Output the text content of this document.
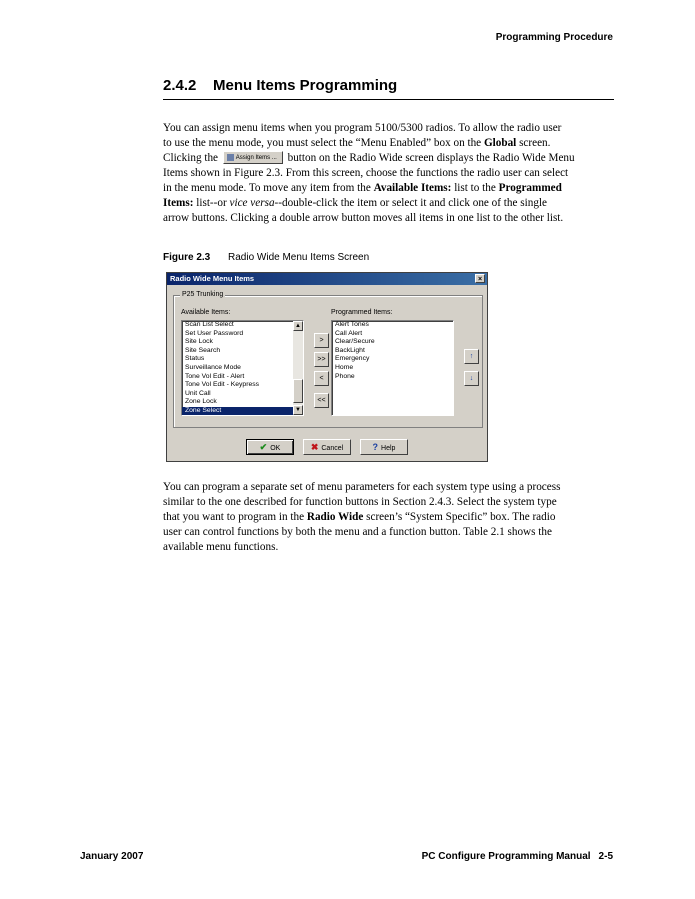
Programming Procedure
2.4.2 Menu Items Programming

You can assign menu items when you program 5100/5300 radios. To allow the radio user

to use the menu mode, you must select the “Menu Enabled” box on the Global screen.

Clicking the	Assign Items ... button on the Radio Wide screen displays the Radio Wide Menu

Items shown in Figure 2.3. From this screen, choose the functions the radio user can select

in the menu mode. To move any item from the Available Items: list to the Programmed

Items: list--or vice versa--double-click the item or select it and click one of the single

arrow buttons. Clicking a double arrow button moves all items in one list to the other list.

Figure 2.3 Radio Wide Menu Items Screen
Radio Wide Menu Items	×
P25 Trunking
Available Items:	Programmed Items:
Scan List Select
Set User Password
Site Lock
Site Search
Status
Surveillance Mode
Tone Vol Edit - Alert
Tone Vol Edit - Keypress
Unit Call
Zone Lock
Zone Select
▲
▼
>
>>
<
<<
Alert Tones
Call Alert
Clear/Secure
BackLight
Emergency
Home
Phone
↑
↓
✔ OK	✖ Cancel	? Help

You can program a separate set of menu parameters for each system type using a process

similar to the one described for function buttons in Section 2.4.3. Select the system type

that you want to program in the Radio Wide screen’s “System Specific” box. The radio

user can control functions by both the menu and a function button. Table 2.1 shows the

available menu functions.

January 2007	PC Configure Programming Manual 2-5
